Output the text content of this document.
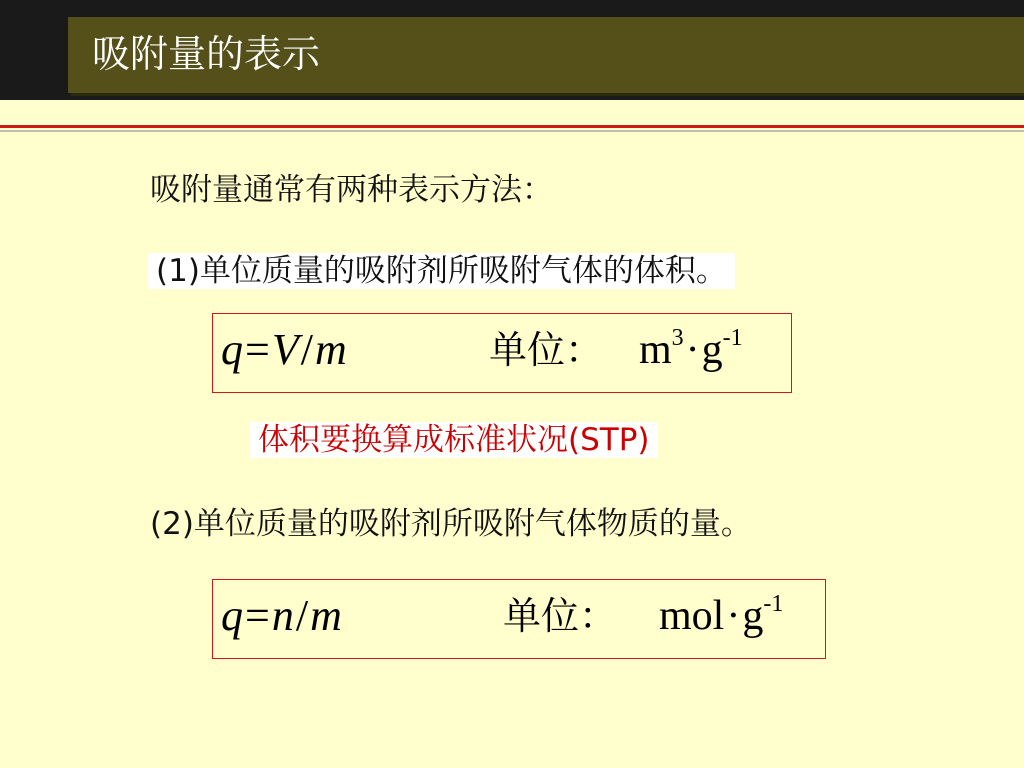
吸附量的表示
吸附量通常有两种表示方法：
(1)单位质量的吸附剂所吸附气体的体积。
q=V/m	单位： $m^3\cdot g^{-1}$
体积要换算成标准状况(STP)
(2)单位质量的吸附剂所吸附气体物质的量。
q=n/m	单位： $mol\cdot g^{-1}$
